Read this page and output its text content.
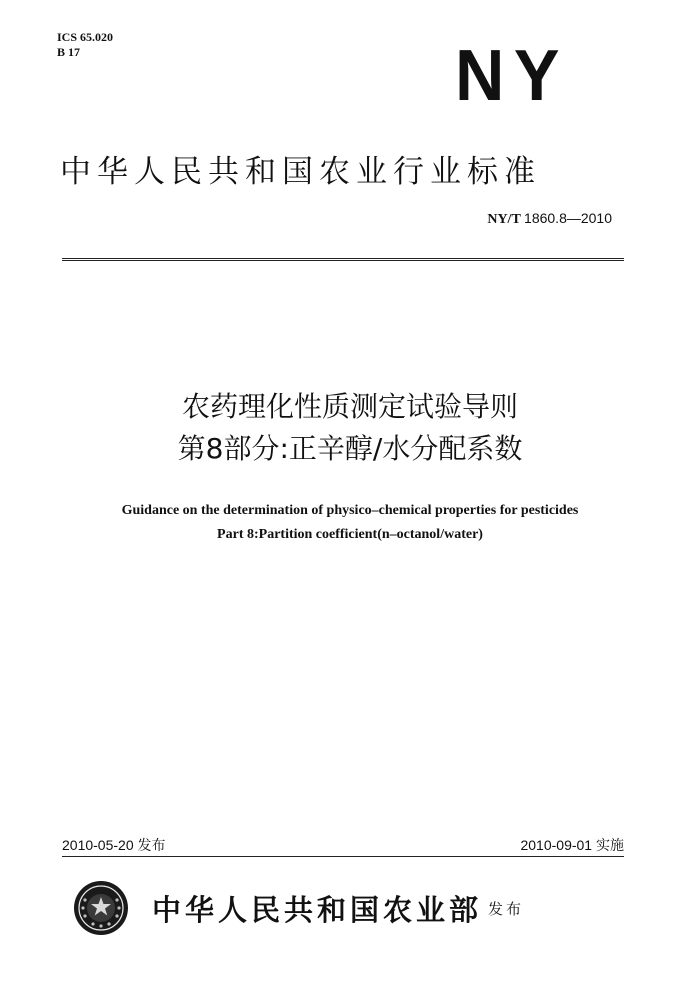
ICS 65.020
B 17	NY
中华人民共和国农业行业标准
NY/T 1860.8—2010
农药理化性质测定试验导则
第8部分:正辛醇/水分配系数
Guidance on the determination of physico–chemical properties for pesticides
Part 8:Partition coefficient(n–octanol/water)
2010-05-20 发布	2010-09-01 实施
中华人民共和国农业部 发布
